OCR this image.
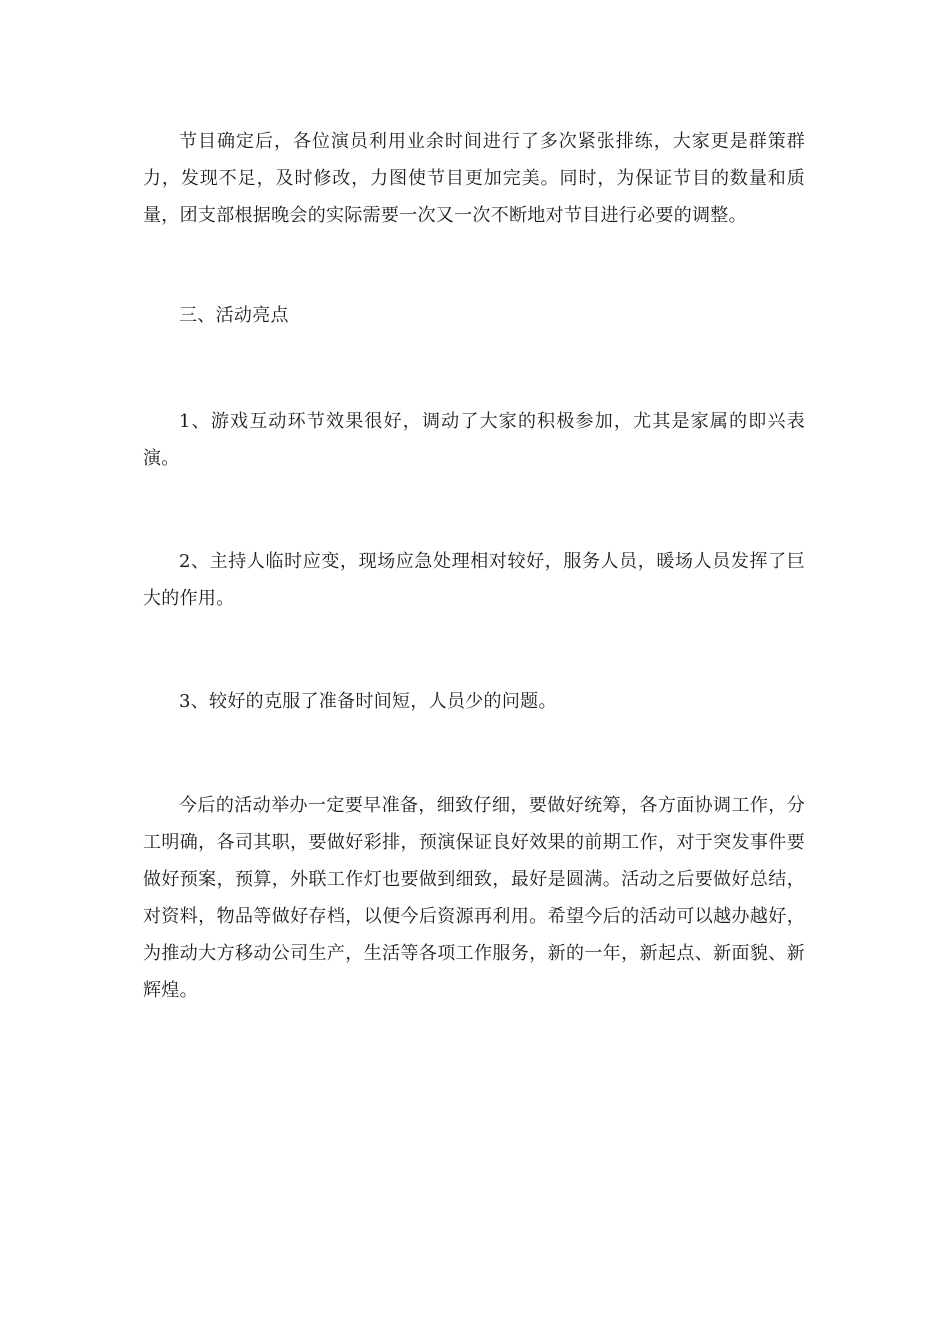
节目确定后，各位演员利用业余时间进行了多次紧张排练，大家更是群策群力，发现不足，及时修改，力图使节目更加完美。同时，为保证节目的数量和质量，团支部根据晚会的实际需要一次又一次不断地对节目进行必要的调整。

三、活动亮点

1、游戏互动环节效果很好，调动了大家的积极参加，尤其是家属的即兴表演。

2、主持人临时应变，现场应急处理相对较好，服务人员，暖场人员发挥了巨大的作用。

3、较好的克服了准备时间短，人员少的问题。

今后的活动举办一定要早准备，细致仔细，要做好统筹，各方面协调工作，分工明确，各司其职，要做好彩排，预演保证良好效果的前期工作，对于突发事件要做好预案，预算，外联工作灯也要做到细致，最好是圆满。活动之后要做好总结，对资料，物品等做好存档，以便今后资源再利用。希望今后的活动可以越办越好，为推动大方移动公司生产，生活等各项工作服务，新的一年，新起点、新面貌、新辉煌。
